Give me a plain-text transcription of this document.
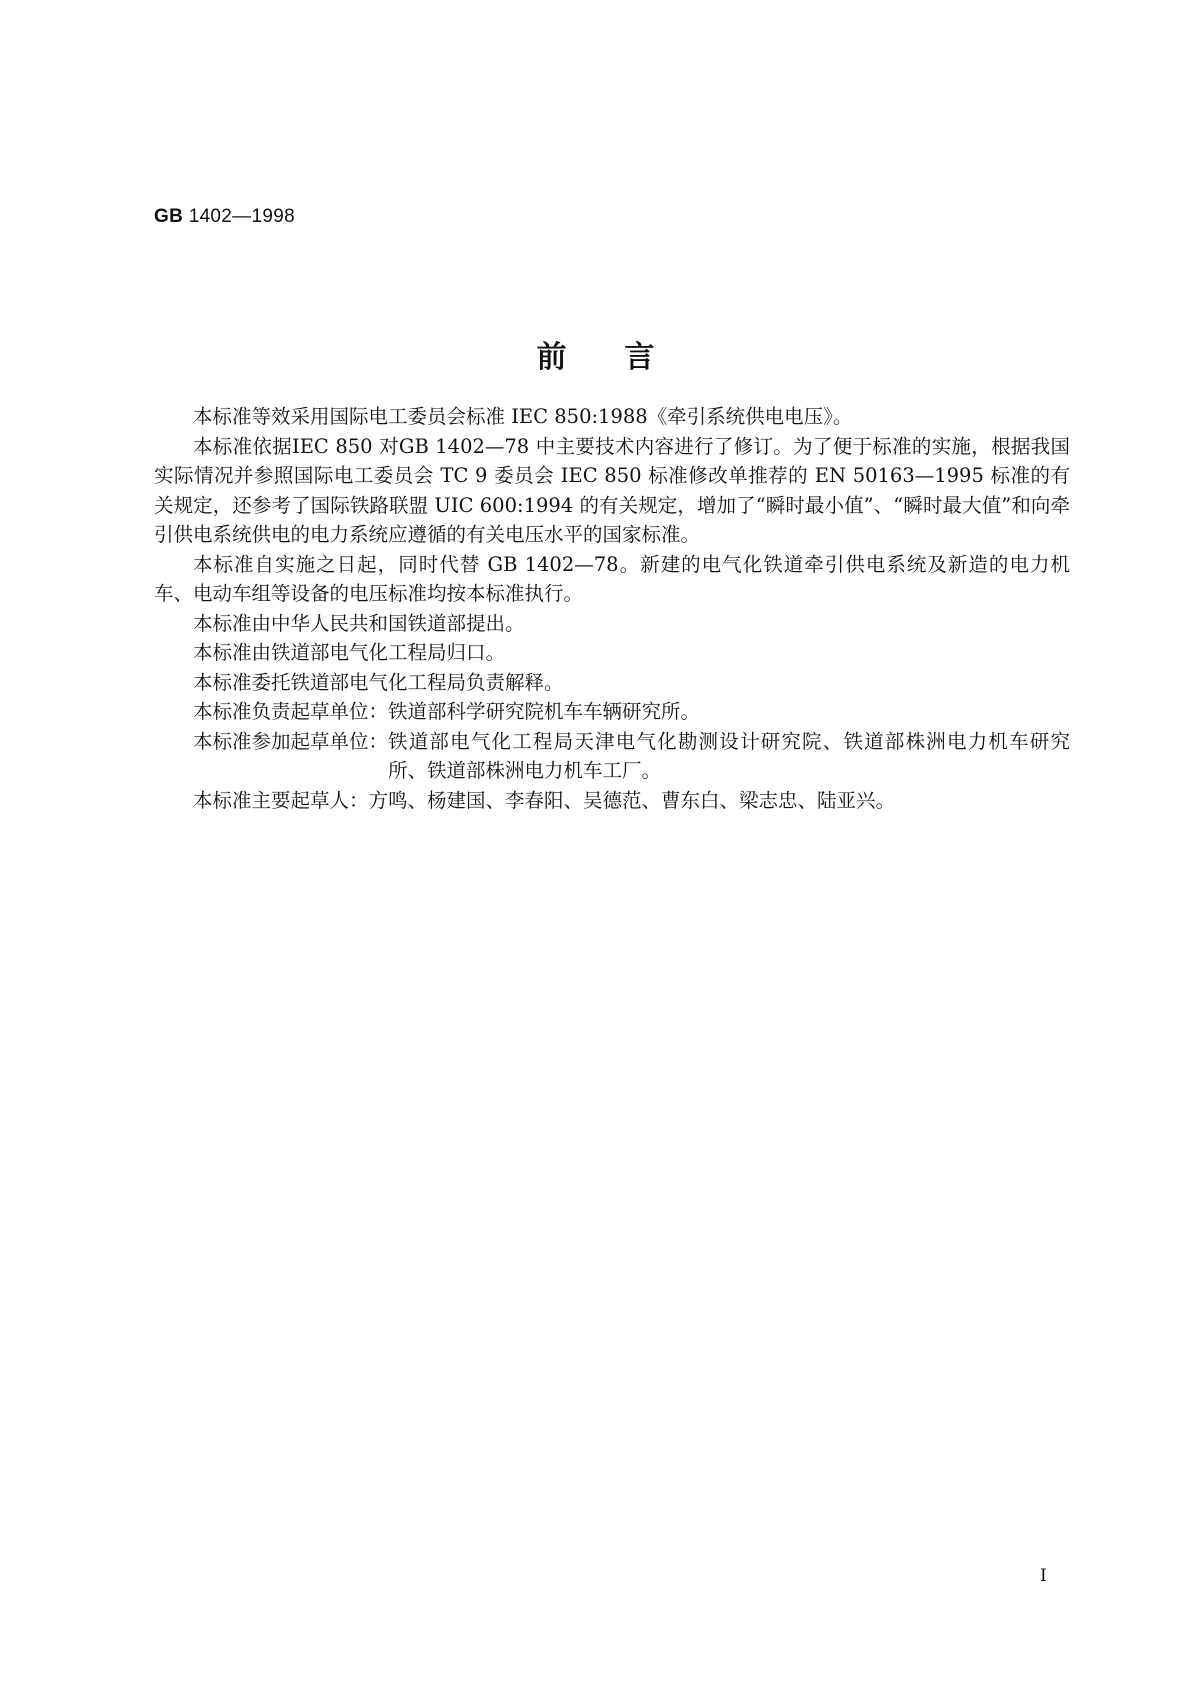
GB 1402—1998
前言

本标准等效采用国际电工委员会标准 IEC 850:1988《牵引系统供电电压》。

本标准依据IEC 850 对GB 1402—78 中主要技术内容进行了修订。为了便于标准的实施，根据我国实际情况并参照国际电工委员会 TC 9 委员会 IEC 850 标准修改单推荐的 EN 50163—1995 标准的有关规定，还参考了国际铁路联盟 UIC 600:1994 的有关规定，增加了“瞬时最小值”、“瞬时最大值”和向牵引供电系统供电的电力系统应遵循的有关电压水平的国家标准。

本标准自实施之日起，同时代替 GB 1402—78。新建的电气化铁道牵引供电系统及新造的电力机车、电动车组等设备的电压标准均按本标准执行。

本标准由中华人民共和国铁道部提出。

本标准由铁道部电气化工程局归口。

本标准委托铁道部电气化工程局负责解释。

本标准负责起草单位：铁道部科学研究院机车车辆研究所。

本标准参加起草单位： 铁道部电气化工程局天津电气化勘测设计研究院、铁道部株洲电力机车研究所、铁道部株洲电力机车工厂。

本标准主要起草人：方鸣、杨建国、李春阳、吴德范、曹东白、梁志忠、陆亚兴。

I
